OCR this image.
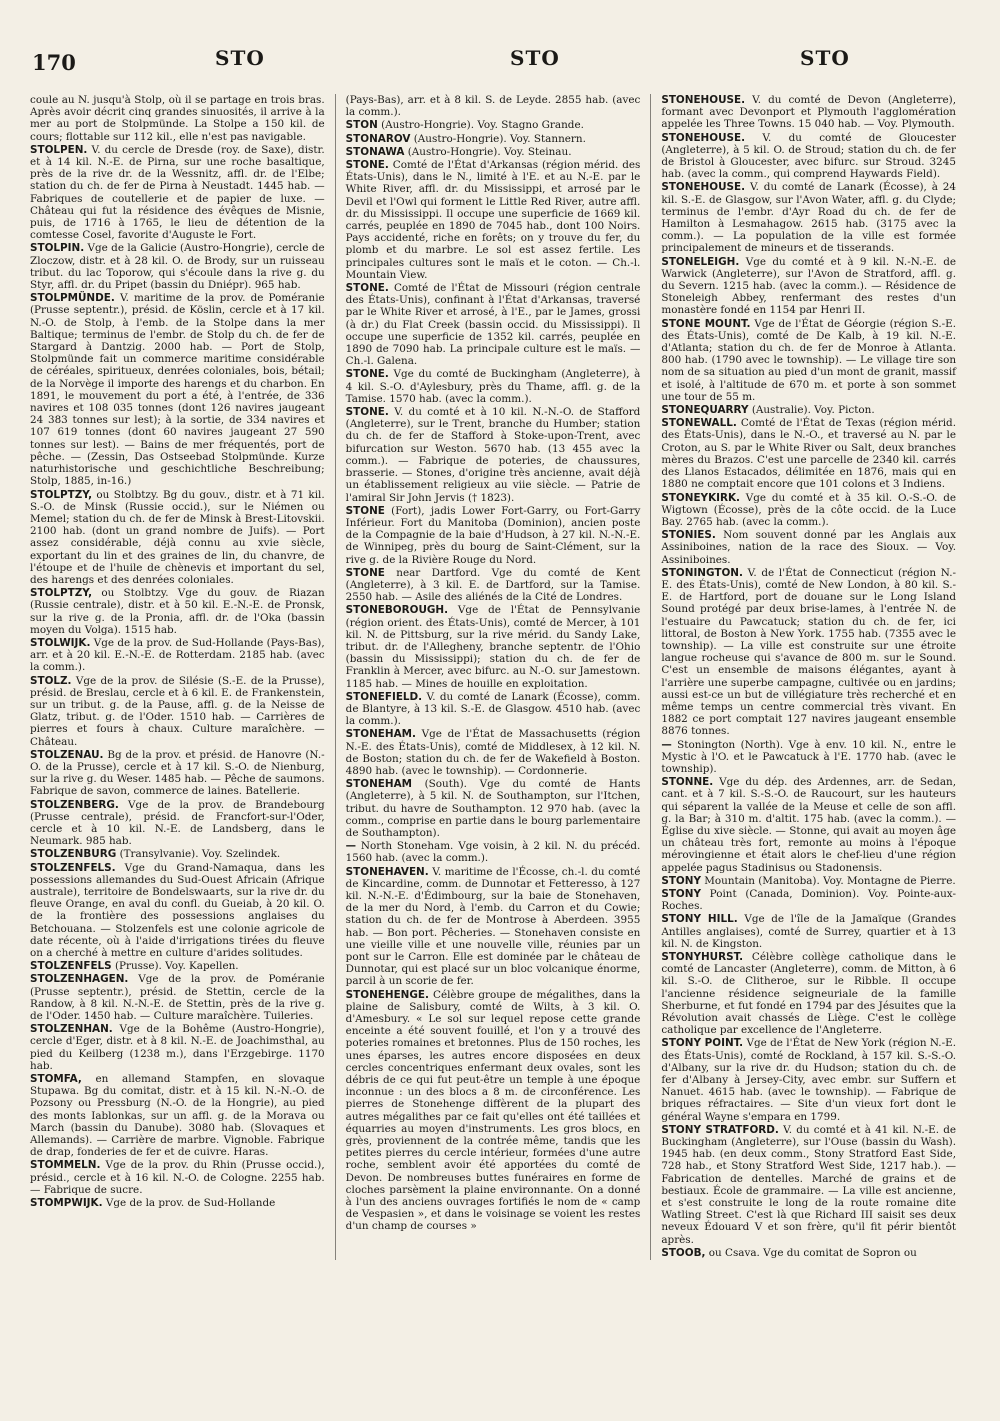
170	STO	STO	STO

coule au N. jusqu'à Stolp, où il se partage en trois bras. Après avoir décrit cinq grandes sinuosités, il arrive à la mer au port de Stolpmünde. La Stolpe a 150 kil. de cours; flottable sur 112 kil., elle n'est pas navigable.

STOLPEN. V. du cercle de Dresde (roy. de Saxe), distr. et à 14 kil. N.-E. de Pirna, sur une roche basaltique, près de la rive dr. de la Wessnitz, affl. dr. de l'Elbe; station du ch. de fer de Pirna à Neustadt. 1445 hab. — Fabriques de coutellerie et de papier de luxe. — Château qui fut la résidence des évêques de Misnie, puis, de 1716 à 1765, le lieu de détention de la comtesse Cosel, favorite d'Auguste le Fort.

STOLPIN. Vge de la Galicie (Austro-Hongrie), cercle de Zloczow, distr. et à 28 kil. O. de Brody, sur un ruisseau tribut. du lac Toporow, qui s'écoule dans la rive g. du Styr, affl. dr. du Pripet (bassin du Dniépr). 965 hab.

STOLPMÜNDE. V. maritime de la prov. de Poméranie (Prusse septentr.), présid. de Köslin, cercle et à 17 kil. N.-O. de Stolp, à l'emb. de la Stolpe dans la mer Baltique; terminus de l'embr. de Stolp du ch. de fer de Stargard à Dantzig. 2000 hab. — Port de Stolp, Stolpmünde fait un commerce maritime considérable de céréales, spiritueux, denrées coloniales, bois, bétail; de la Norvège il importe des harengs et du charbon. En 1891, le mouvement du port a été, à l'entrée, de 336 navires et 108 035 tonnes (dont 126 navires jaugeant 24 383 tonnes sur lest); à la sortie, de 334 navires et 107 619 tonnes (dont 60 navires jaugeant 27 590 tonnes sur lest). — Bains de mer fréquentés, port de pêche. — (Zessin, Das Ostseebad Stolpmünde. Kurze naturhistorische und geschichtliche Beschreibung; Stolp, 1885, in-16.)

STOLPTZY, ou Stolbtzy. Bg du gouv., distr. et à 71 kil. S.-O. de Minsk (Russie occid.), sur le Niémen ou Memel; station du ch. de fer de Minsk à Brest-Litovskii. 2100 hab. (dont un grand nombre de Juifs). — Port assez considérable, déjà connu au xvie siècle, exportant du lin et des graines de lin, du chanvre, de l'étoupe et de l'huile de chènevis et important du sel, des harengs et des denrées coloniales.

STOLPTZY, ou Stolbtzy. Vge du gouv. de Riazan (Russie centrale), distr. et à 50 kil. E.-N.-E. de Pronsk, sur la rive g. de la Pronia, affl. dr. de l'Oka (bassin moyen du Volga). 1515 hab.

STOLWIJK. Vge de la prov. de Sud-Hollande (Pays-Bas), arr. et à 20 kil. E.-N.-E. de Rotterdam. 2185 hab. (avec la comm.).

STOLZ. Vge de la prov. de Silésie (S.-E. de la Prusse), présid. de Breslau, cercle et à 6 kil. E. de Frankenstein, sur un tribut. g. de la Pause, affl. g. de la Neisse de Glatz, tribut. g. de l'Oder. 1510 hab. — Carrières de pierres et fours à chaux. Culture maraîchère. — Château.

STOLZENAU. Bg de la prov. et présid. de Hanovre (N.-O. de la Prusse), cercle et à 17 kil. S.-O. de Nienburg, sur la rive g. du Weser. 1485 hab. — Pêche de saumons. Fabrique de savon, commerce de laines. Batellerie.

STOLZENBERG. Vge de la prov. de Brandebourg (Prusse centrale), présid. de Francfort-sur-l'Oder, cercle et à 10 kil. N.-E. de Landsberg, dans le Neumark. 985 hab.

STOLZENBURG (Transylvanie). Voy. Szelindek.

STOLZENFELS. Vge du Grand-Namaqua, dans les possessions allemandes du Sud-Ouest Africain (Afrique australe), territoire de Bondelswaarts, sur la rive dr. du fleuve Orange, en aval du confl. du Gueiab, à 20 kil. O. de la frontière des possessions anglaises du Betchouana. — Stolzenfels est une colonie agricole de date récente, où à l'aide d'irrigations tirées du fleuve on a cherché à mettre en culture d'arides solitudes.

STOLZENFELS (Prusse). Voy. Kapellen.

STOLZENHAGEN. Vge de la prov. de Poméranie (Prusse septentr.), présid. de Stettin, cercle de la Randow, à 8 kil. N.-N.-E. de Stettin, près de la rive g. de l'Oder. 1450 hab. — Culture maraîchère. Tuileries.

STOLZENHAN. Vge de la Bohême (Austro-Hongrie), cercle d'Eger, distr. et à 8 kil. N.-E. de Joachimsthal, au pied du Keilberg (1238 m.), dans l'Erzgebirge. 1170 hab.

STOMFA, en allemand Stampfen, en slovaque Stupawa. Bg du comitat, distr. et à 15 kil. N.-N.-O. de Pozsony ou Pressburg (N.-O. de la Hongrie), au pied des monts Iablonkas, sur un affl. g. de la Morava ou March (bassin du Danube). 3080 hab. (Slovaques et Allemands). — Carrière de marbre. Vignoble. Fabrique de drap, fonderies de fer et de cuivre. Haras.

STOMMELN. Vge de la prov. du Rhin (Prusse occid.), présid., cercle et à 16 kil. N.-O. de Cologne. 2255 hab. — Fabrique de sucre.

STOMPWIJK. Vge de la prov. de Sud-Hollande

(Pays-Bas), arr. et à 8 kil. S. de Leyde. 2855 hab. (avec la comm.).

STON (Austro-Hongrie). Voy. Stagno Grande.

STONAROV (Austro-Hongrie). Voy. Stannern.

STONAWA (Austro-Hongrie). Voy. Steinau.

STONE. Comté de l'État d'Arkansas (région mérid. des États-Unis), dans le N., limité à l'E. et au N.-E. par le White River, affl. dr. du Mississippi, et arrosé par le Devil et l'Owl qui forment le Little Red River, autre affl. dr. du Mississippi. Il occupe une superficie de 1669 kil. carrés, peuplée en 1890 de 7045 hab., dont 100 Noirs. Pays accidenté, riche en forêts; on y trouve du fer, du plomb et du marbre. Le sol est assez fertile. Les principales cultures sont le maïs et le coton. — Ch.-l. Mountain View.

STONE. Comté de l'État de Missouri (région centrale des États-Unis), confinant à l'État d'Arkansas, traversé par le White River et arrosé, à l'E., par le James, grossi (à dr.) du Flat Creek (bassin occid. du Mississippi). Il occupe une superficie de 1352 kil. carrés, peuplée en 1890 de 7090 hab. La principale culture est le maïs. — Ch.-l. Galena.

STONE. Vge du comté de Buckingham (Angleterre), à 4 kil. S.-O. d'Aylesbury, près du Thame, affl. g. de la Tamise. 1570 hab. (avec la comm.).

STONE. V. du comté et à 10 kil. N.-N.-O. de Stafford (Angleterre), sur le Trent, branche du Humber; station du ch. de fer de Stafford à Stoke-upon-Trent, avec bifurcation sur Weston. 5670 hab. (13 455 avec la comm.). — Fabrique de poteries, de chaussures, brasserie. — Stones, d'origine très ancienne, avait déjà un établissement religieux au viie siècle. — Patrie de l'amiral Sir John Jervis († 1823).

STONE (Fort), jadis Lower Fort-Garry, ou Fort-Garry Inférieur. Fort du Manitoba (Dominion), ancien poste de la Compagnie de la baie d'Hudson, à 27 kil. N.-N.-E. de Winnipeg, près du bourg de Saint-Clément, sur la rive g. de la Rivière Rouge du Nord.

STONE near Dartford. Vge du comté de Kent (Angleterre), à 3 kil. E. de Dartford, sur la Tamise. 2550 hab. — Asile des aliénés de la Cité de Londres.

STONEBOROUGH. Vge de l'État de Pennsylvanie (région orient. des États-Unis), comté de Mercer, à 101 kil. N. de Pittsburg, sur la rive mérid. du Sandy Lake, tribut. dr. de l'Allegheny, branche septentr. de l'Ohio (bassin du Mississippi); station du ch. de fer de Franklin à Mercer, avec bifurc. au N.-O. sur Jamestown. 1185 hab. — Mines de houille en exploitation.

STONEFIELD. V. du comté de Lanark (Écosse), comm. de Blantyre, à 13 kil. S.-E. de Glasgow. 4510 hab. (avec la comm.).

STONEHAM. Vge de l'État de Massachusetts (région N.-E. des États-Unis), comté de Middlesex, à 12 kil. N. de Boston; station du ch. de fer de Wakefield à Boston. 4890 hab. (avec le township). — Cordonnerie.

STONEHAM (South). Vge du comté de Hants (Angleterre), à 5 kil. N. de Southampton, sur l'Itchen, tribut. du havre de Southampton. 12 970 hab. (avec la comm., comprise en partie dans le bourg parlementaire de Southampton).

— North Stoneham. Vge voisin, à 2 kil. N. du précéd. 1560 hab. (avec la comm.).

STONEHAVEN. V. maritime de l'Écosse, ch.-l. du comté de Kincardine, comm. de Dunnotar et Fetteresso, à 127 kil. N.-N.-E. d'Édimbourg, sur la baie de Stonehaven, de la mer du Nord, à l'emb. du Carron et du Cowie; station du ch. de fer de Montrose à Aberdeen. 3955 hab. — Bon port. Pêcheries. — Stonehaven consiste en une vieille ville et une nouvelle ville, réunies par un pont sur le Carron. Elle est dominée par le château de Dunnotar, qui est placé sur un bloc volcanique énorme, parcil à un scorie de fer.

STONEHENGE. Célèbre groupe de mégalithes, dans la plaine de Salisbury, comté de Wilts, à 3 kil. O. d'Amesbury. « Le sol sur lequel repose cette grande enceinte a été souvent fouillé, et l'on y a trouvé des poteries romaines et bretonnes. Plus de 150 roches, les unes éparses, les autres encore disposées en deux cercles concentriques enfermant deux ovales, sont les débris de ce qui fut peut-être un temple à une époque inconnue : un des blocs a 8 m. de circonférence. Les pierres de Stonehenge diffèrent de la plupart des autres mégalithes par ce fait qu'elles ont été taillées et équarries au moyen d'instruments. Les gros blocs, en grès, proviennent de la contrée même, tandis que les petites pierres du cercle intérieur, formées d'une autre roche, semblent avoir été apportées du comté de Devon. De nombreuses buttes funéraires en forme de cloches parsèment la plaine environnante. On a donné à l'un des anciens ouvrages fortifiés le nom de « camp de Vespasien », et dans le voisinage se voient les restes d'un champ de courses »

STONEHOUSE. V. du comté de Devon (Angleterre), formant avec Devonport et Plymouth l'agglomération appelée les Three Towns. 15 040 hab. — Voy. Plymouth.

STONEHOUSE. V. du comté de Gloucester (Angleterre), à 5 kil. O. de Stroud; station du ch. de fer de Bristol à Gloucester, avec bifurc. sur Stroud. 3245 hab. (avec la comm., qui comprend Haywards Field).

STONEHOUSE. V. du comté de Lanark (Écosse), à 24 kil. S.-E. de Glasgow, sur l'Avon Water, affl. g. du Clyde; terminus de l'embr. d'Ayr Road du ch. de fer de Hamilton à Lesmahagow. 2615 hab. (3175 avec la comm.). — La population de la ville est formée principalement de mineurs et de tisserands.

STONELEIGH. Vge du comté et à 9 kil. N.-N.-E. de Warwick (Angleterre), sur l'Avon de Stratford, affl. g. du Severn. 1215 hab. (avec la comm.). — Résidence de Stoneleigh Abbey, renfermant des restes d'un monastère fondé en 1154 par Henri II.

STONE MOUNT. Vge de l'État de Géorgie (région S.-E. des États-Unis), comté de De Kalb, à 19 kil. N.-E. d'Atlanta; station du ch. de fer de Monroe à Atlanta. 800 hab. (1790 avec le township). — Le village tire son nom de sa situation au pied d'un mont de granit, massif et isolé, à l'altitude de 670 m. et porte à son sommet une tour de 55 m.

STONEQUARRY (Australie). Voy. Picton.

STONEWALL. Comté de l'État de Texas (région mérid. des États-Unis), dans le N.-O., et traversé au N. par le Croton, au S. par le White River ou Salt, deux branches mères du Brazos. C'est une parcelle de 2340 kil. carrés des Llanos Estacados, délimitée en 1876, mais qui en 1880 ne comptait encore que 101 colons et 3 Indiens.

STONEYKIRK. Vge du comté et à 35 kil. O.-S.-O. de Wigtown (Écosse), près de la côte occid. de la Luce Bay. 2765 hab. (avec la comm.).

STONIES. Nom souvent donné par les Anglais aux Assiniboines, nation de la race des Sioux. — Voy. Assiniboines.

STONINGTON. V. de l'État de Connecticut (région N.-E. des États-Unis), comté de New London, à 80 kil. S.-E. de Hartford, port de douane sur le Long Island Sound protégé par deux brise-lames, à l'entrée N. de l'estuaire du Pawcatuck; station du ch. de fer, ici littoral, de Boston à New York. 1755 hab. (7355 avec le township). — La ville est construite sur une étroite langue rocheuse qui s'avance de 800 m. sur le Sound. C'est un ensemble de maisons élégantes, ayant à l'arrière une superbe campagne, cultivée ou en jardins; aussi est-ce un but de villégiature très recherché et en même temps un centre commercial très vivant. En 1882 ce port comptait 127 navires jaugeant ensemble 8876 tonnes.

— Stonington (North). Vge à env. 10 kil. N., entre le Mystic à l'O. et le Pawcatuck à l'E. 1770 hab. (avec le township).

STONNE. Vge du dép. des Ardennes, arr. de Sedan, cant. et à 7 kil. S.-S.-O. de Raucourt, sur les hauteurs qui séparent la vallée de la Meuse et celle de son affl. g. la Bar; à 310 m. d'altit. 175 hab. (avec la comm.). — Église du xive siècle. — Stonne, qui avait au moyen âge un château très fort, remonte au moins à l'époque mérovingienne et était alors le chef-lieu d'une région appelée pagus Stadinisus ou Stadonensis.

STONY Mountain (Manitoba). Voy. Montagne de Pierre.

STONY Point (Canada, Dominion). Voy. Pointe-aux-Roches.

STONY HILL. Vge de l'île de la Jamaïque (Grandes Antilles anglaises), comté de Surrey, quartier et à 13 kil. N. de Kingston.

STONYHURST. Célèbre collège catholique dans le comté de Lancaster (Angleterre), comm. de Mitton, à 6 kil. S.-O. de Clitheroe, sur le Ribble. Il occupe l'ancienne résidence seigneuriale de la famille Sherburne, et fut fondé en 1794 par des Jésuites que la Révolution avait chassés de Liège. C'est le collège catholique par excellence de l'Angleterre.

STONY POINT. Vge de l'État de New York (région N.-E. des États-Unis), comté de Rockland, à 157 kil. S.-S.-O. d'Albany, sur la rive dr. du Hudson; station du ch. de fer d'Albany à Jersey-City, avec embr. sur Suffern et Nanuet. 4615 hab. (avec le township). — Fabrique de briques réfractaires. — Site d'un vieux fort dont le général Wayne s'empara en 1799.

STONY STRATFORD. V. du comté et à 41 kil. N.-E. de Buckingham (Angleterre), sur l'Ouse (bassin du Wash). 1945 hab. (en deux comm., Stony Stratford East Side, 728 hab., et Stony Stratford West Side, 1217 hab.). — Fabrication de dentelles. Marché de grains et de bestiaux. École de grammaire. — La ville est ancienne, et s'est construite le long de la route romaine dite Watling Street. C'est là que Richard III saisit ses deux neveux Édouard V et son frère, qu'il fit périr bientôt après.

STOOB, ou Csava. Vge du comitat de Sopron ou
